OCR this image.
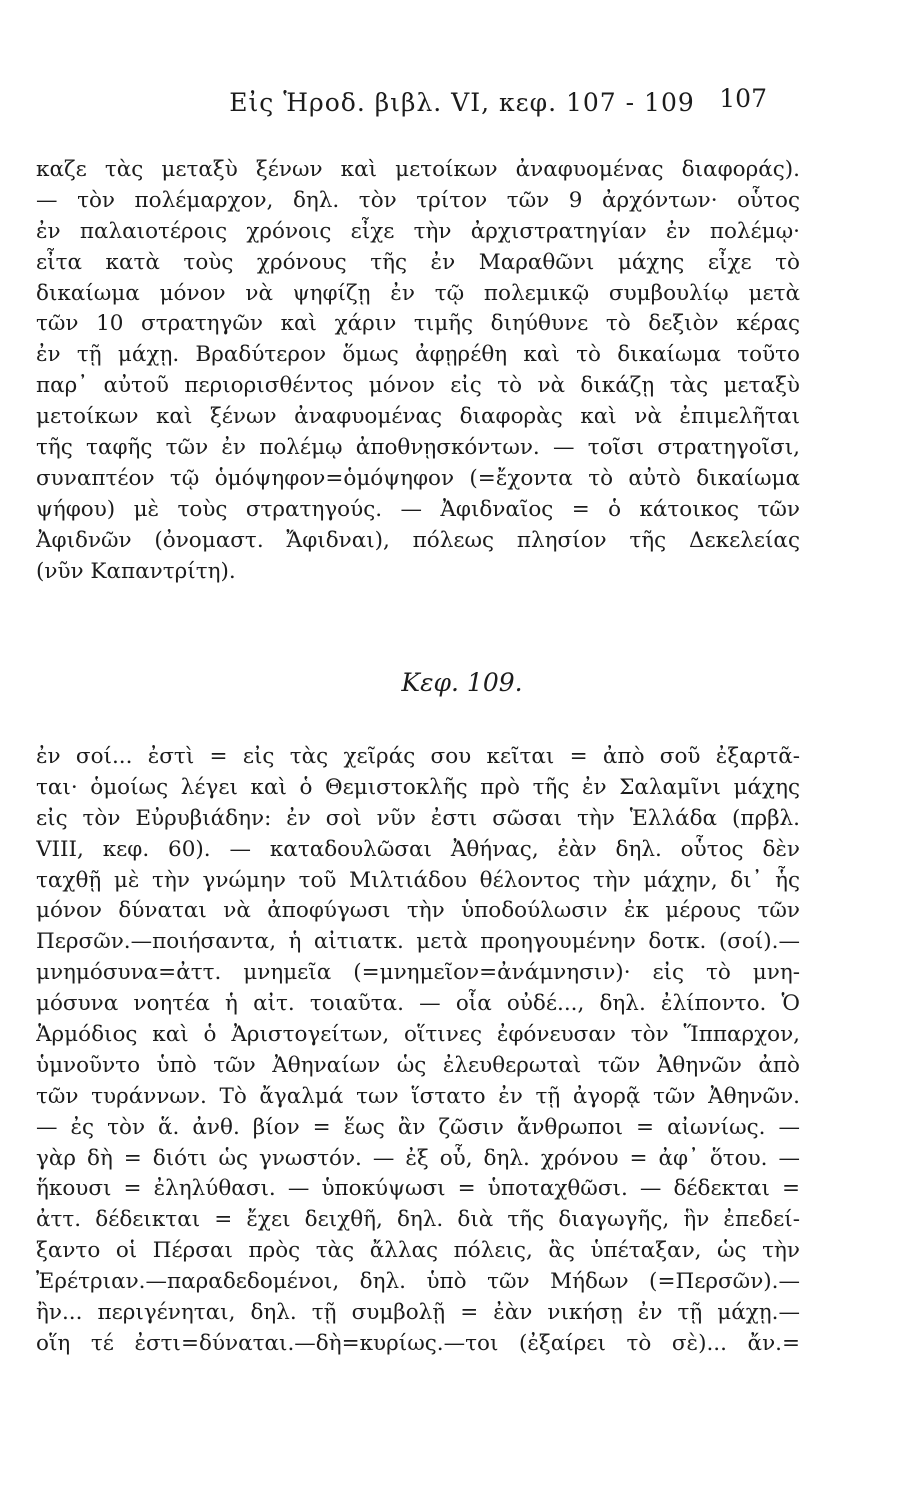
Εἰς Ἡροδ. βιβλ. VI, κεφ. 107 - 109 107
καζε τὰς μεταξὺ ξένων καὶ μετοίκων ἀναφυομένας διαφοράς).
— τὸν πολέμαρχον, δηλ. τὸν τρίτον τῶν 9 ἀρχόντων· οὗτος
ἐν παλαιοτέροις χρόνοις εἶχε τὴν ἀρχιστρατηγίαν ἐν πολέμῳ·
εἶτα κατὰ τοὺς χρόνους τῆς ἐν Μαραθῶνι μάχης εἶχε τὸ
δικαίωμα μόνον νὰ ψηφίζῃ ἐν τῷ πολεμικῷ συμβουλίῳ μετὰ
τῶν 10 στρατηγῶν καὶ χάριν τιμῆς διηύθυνε τὸ δεξιὸν κέρας
ἐν τῇ μάχῃ. Βραδύτερον ὅμως ἀφῃρέθη καὶ τὸ δικαίωμα τοῦτο
παρ᾽ αὐτοῦ περιορισθέντος μόνον εἰς τὸ νὰ δικάζῃ τὰς μεταξὺ
μετοίκων καὶ ξένων ἀναφυομένας διαφορὰς καὶ νὰ ἐπιμελῆται
τῆς ταφῆς τῶν ἐν πολέμῳ ἀποθνῃσκόντων. — τοῖσι στρατηγοῖσι,
συναπτέον τῷ ὁμόψηφον=ὁμόψηφον (=ἔχοντα τὸ αὐτὸ δικαίωμα
ψήφου) μὲ τοὺς στρατηγούς. — Ἀφιδναῖος = ὁ κάτοικος τῶν
Ἀφιδνῶν (ὀνομαστ. Ἄφιδναι), πόλεως πλησίον τῆς Δεκελείας
(νῦν Καπαντρίτη).
Κεφ. 109.
ἐν σοί... ἐστὶ = εἰς τὰς χεῖράς σου κεῖται = ἀπὸ σοῦ ἐξαρτᾶ-
ται· ὁμοίως λέγει καὶ ὁ Θεμιστοκλῆς πρὸ τῆς ἐν Σαλαμῖνι μάχης
εἰς τὸν Εὐρυβιάδην: ἐν σοὶ νῦν ἐστι σῶσαι τὴν Ἑλλάδα (πρβλ.
VIII, κεφ. 60). — καταδουλῶσαι Ἀθήνας, ἐὰν δηλ. οὗτος δὲν
ταχθῇ μὲ τὴν γνώμην τοῦ Μιλτιάδου θέλοντος τὴν μάχην, δι᾽ ἧς
μόνον δύναται νὰ ἀποφύγωσι τὴν ὑποδούλωσιν ἐκ μέρους τῶν
Περσῶν.—ποιήσαντα, ἡ αἰτιατκ. μετὰ προηγουμένην δοτκ. (σοί).—
μνημόσυνα=ἀττ. μνημεῖα (=μνημεῖον=ἀνάμνησιν)· εἰς τὸ μνη-
μόσυνα νοητέα ἡ αἰτ. τοιαῦτα. — οἷα οὐδέ..., δηλ. ἐλίποντο. Ὁ
Ἁρμόδιος καὶ ὁ Ἀριστογείτων, οἵτινες ἐφόνευσαν τὸν Ἵππαρχον,
ὑμνοῦντο ὑπὸ τῶν Ἀθηναίων ὡς ἐλευθερωταὶ τῶν Ἀθηνῶν ἀπὸ
τῶν τυράννων. Τὸ ἄγαλμά των ἵστατο ἐν τῇ ἀγορᾷ τῶν Ἀθηνῶν.
— ἐς τὸν ἅ. ἀνθ. βίον = ἕως ἂν ζῶσιν ἄνθρωποι = αἰωνίως. —
γὰρ δὴ = διότι ὡς γνωστόν. — ἐξ οὗ, δηλ. χρόνου = ἀφ᾽ ὅτου. —
ἥκουσι = ἐληλύθασι. — ὑποκύψωσι = ὑποταχθῶσι. — δέδεκται =
ἀττ. δέδεικται = ἔχει δειχθῆ, δηλ. διὰ τῆς διαγωγῆς, ἣν ἐπεδεί-
ξαντο οἱ Πέρσαι πρὸς τὰς ἄλλας πόλεις, ἃς ὑπέταξαν, ὡς τὴν
Ἐρέτριαν.—παραδεδομένοι, δηλ. ὑπὸ τῶν Μήδων (=Περσῶν).—
ἢν... περιγένηται, δηλ. τῇ συμβολῇ = ἐὰν νικήσῃ ἐν τῇ μάχῃ.—
οἵη τέ ἐστι=δύναται.—δὴ=κυρίως.—τοι (ἐξαίρει τὸ σὲ)... ἄν.=
